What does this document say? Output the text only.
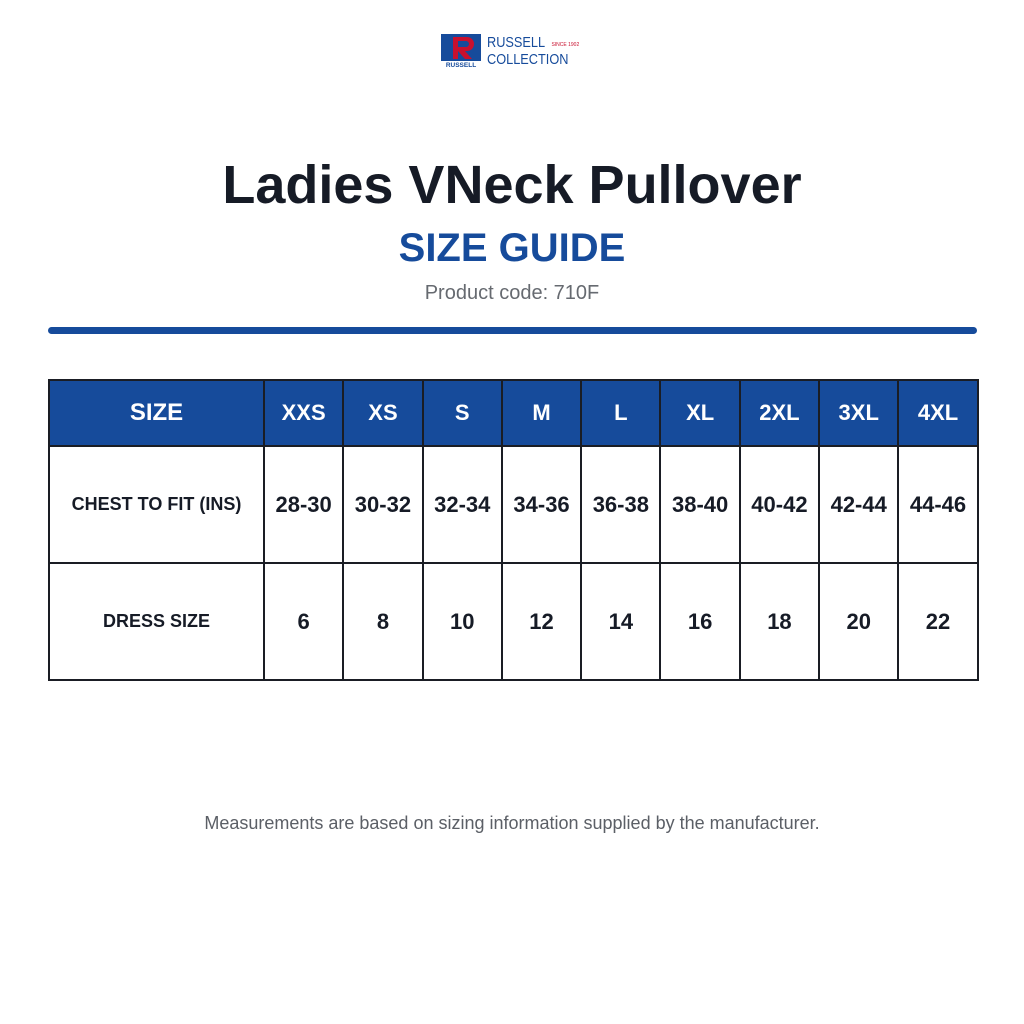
RUSSELL
RUSSELL SINCE 1902
COLLECTION
Ladies VNeck Pullover
SIZE GUIDE
Product code: 710F
SIZE	XXS	XS	S	M	L	XL	2XL	3XL	4XL
CHEST TO FIT (INS)	28-30	30-32	32-34	34-36	36-38	38-40	40-42	42-44	44-46
DRESS SIZE	6	8	10	12	14	16	18	20	22
Measurements are based on sizing information supplied by the manufacturer.
